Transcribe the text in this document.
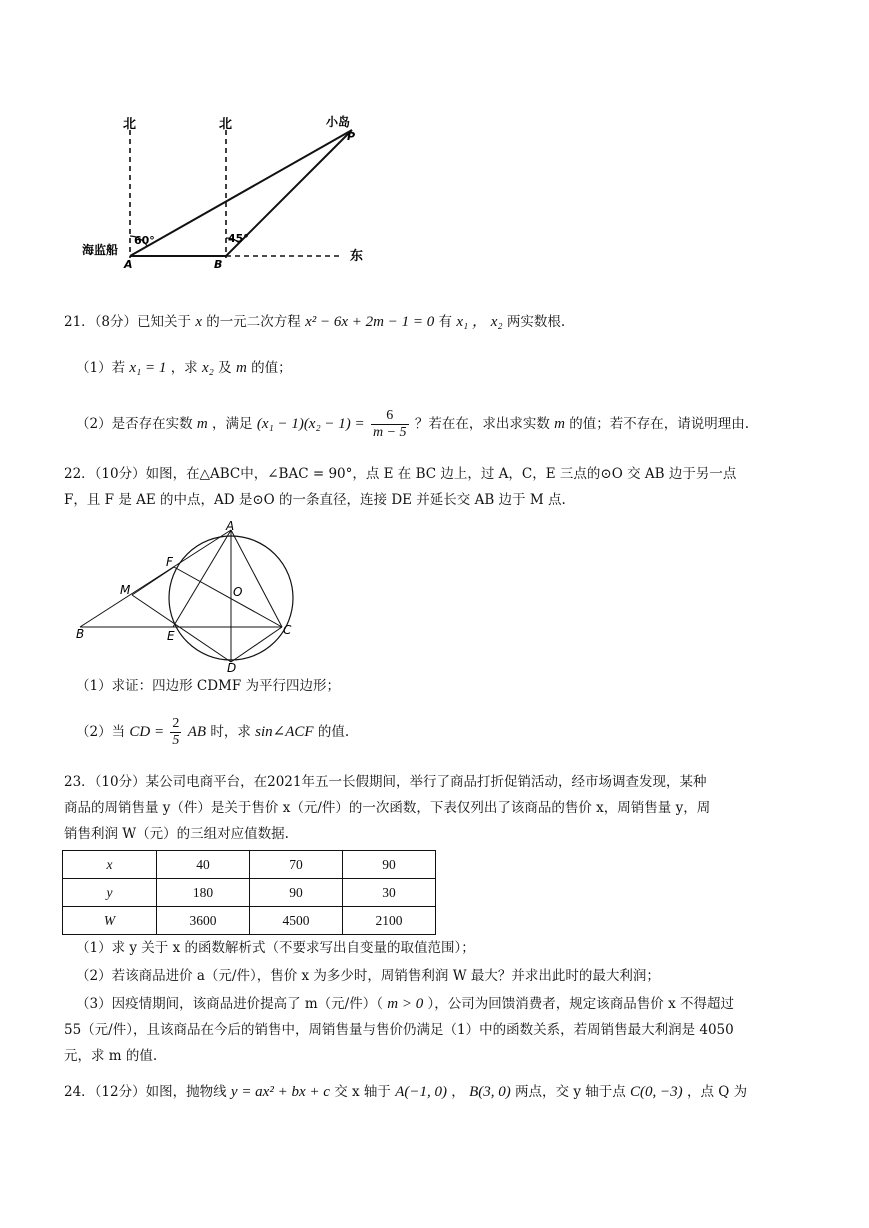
北	北	小岛
P
海监船
A	B
东
60°	45°
21．（8分）已知关于 x 的一元二次方程 x² − 6x + 2m − 1 = 0 有 x₁ ， x₂ 两实数根.
（1）若 x₁ = 1 ，求 x₂ 及 m 的值；
（2）是否存在实数 m ，满足 $(x_1 - 1)(x_2 - 1) = \frac{6}{m - 5}$ ？若在在，求出求实数 m 的值；若不存在，请说明理由.
22．（10分）如图，在△ABC中，∠BAC = 90°，点 E 在 BC 边上，过 A，C，E 三点的⊙O 交 AB 边于另一点
F，且 F 是 AE 的中点，AD 是⊙O 的一条直径，连接 DE 并延长交 AB 边于 M 点.
A
F
M	O
B	E	C
D
（1）求证：四边形 CDMF 为平行四边形；
（2）当 CD = $\frac{2}{5}$ AB 时，求 sin∠ACF 的值.
23．（10分）某公司电商平台，在2021年五一长假期间，举行了商品打折促销活动，经市场调查发现，某种
商品的周销售量 y（件）是关于售价 x（元/件）的一次函数，下表仅列出了该商品的售价 x，周销售量 y，周
销售利润 W（元）的三组对应值数据.
x	40	70	90
y	180	90	30
W	3600	4500	2100
（1）求 y 关于 x 的函数解析式（不要求写出自变量的取值范围）；
（2）若该商品进价 a（元/件），售价 x 为多少时，周销售利润 W 最大？并求出此时的最大利润；
（3）因疫情期间，该商品进价提高了 m（元/件）（ m > 0 ），公司为回馈消费者，规定该商品售价 x 不得超过
55（元/件），且该商品在今后的销售中，周销售量与售价仍满足（1）中的函数关系，若周销售最大利润是 4050
元，求 m 的值.
24．（12分）如图，抛物线 y = ax² + bx + c 交 x 轴于 A(−1, 0) ， B(3, 0) 两点，交 y 轴于点 C(0, −3) ，点 Q 为
